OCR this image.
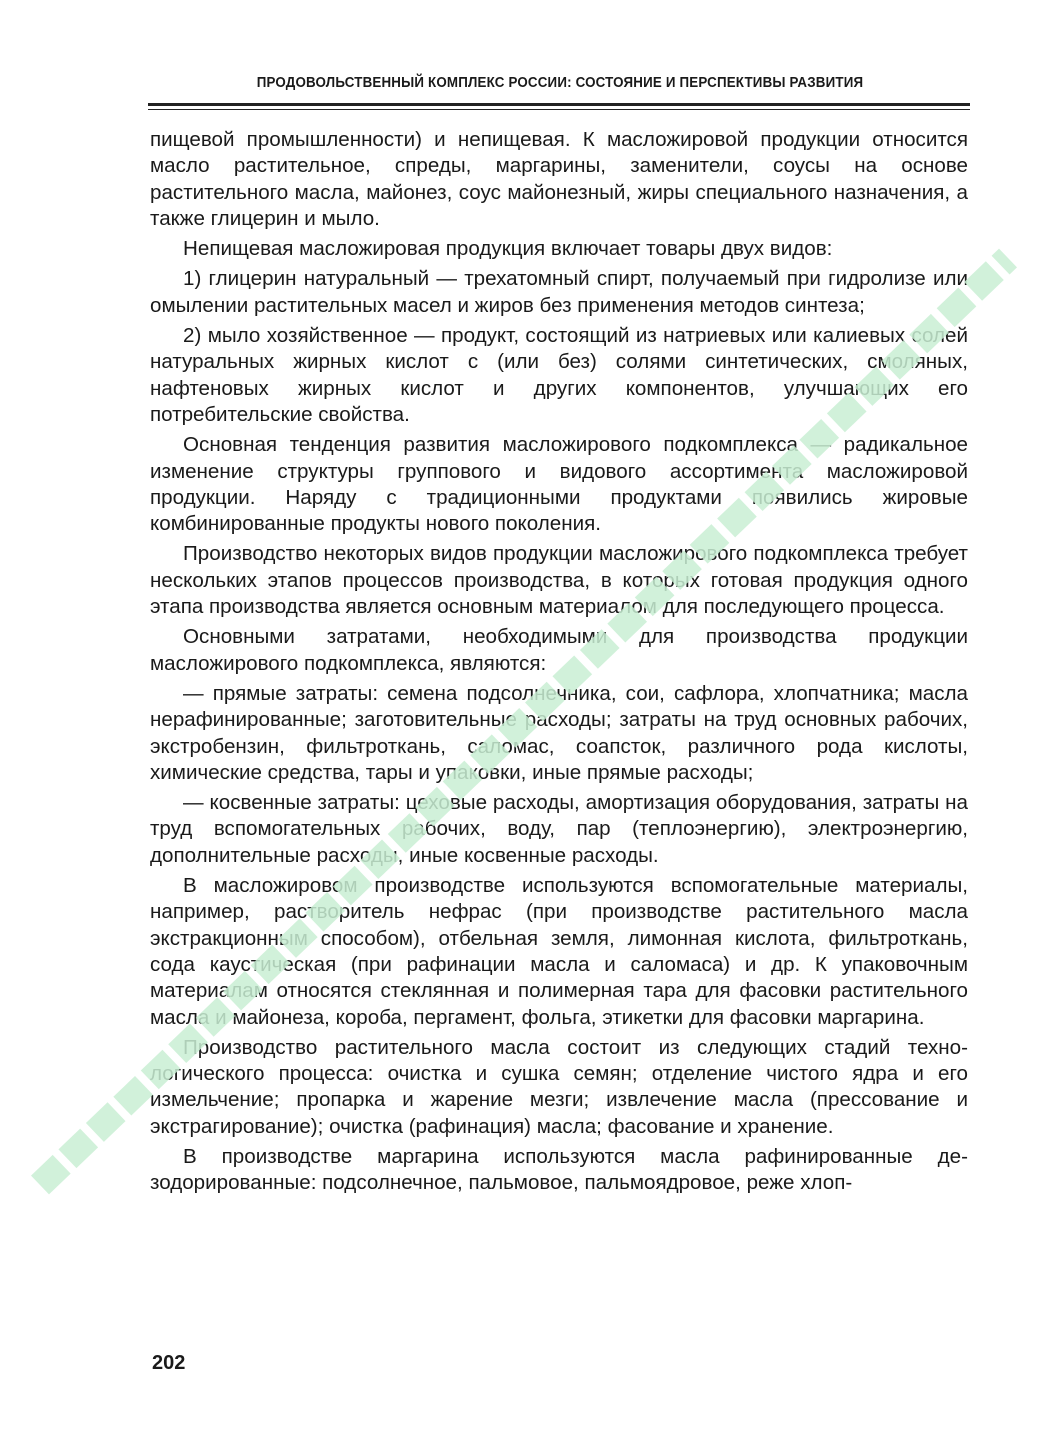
ПРОДОВОЛЬСТВЕННЫЙ КОМПЛЕКС РОССИИ: СОСТОЯНИЕ И ПЕРСПЕКТИВЫ РАЗВИТИЯ

пищевой промышленности) и непищевая. К масложировой продукции относится масло растительное, спреды, маргарины, заменители, соусы на основе растительного масла, майонез, соус майонезный, жиры специального назначения, а также глицерин и мыло.

Непищевая масложировая продукция включает товары двух видов:

1) глицерин натуральный — трехатомный спирт, получаемый при гидролизе или омылении растительных масел и жиров без применения методов синтеза;

2) мыло хозяйственное — продукт, состоящий из натриевых или калиевых солей натуральных жирных кислот с (или без) солями синтетических, смоляных, нафтеновых жирных кислот и других компонентов, улучшающих его потребительские свойства.

Основная тенденция развития масложирового подкомплекса — радикальное изменение структуры группового и видового ассортимента масложировой продукции. Наряду с традиционными продуктами появились жировые комбинированные продукты нового поколения.

Производство некоторых видов продукции масложирового подкомплекса требует нескольких этапов процессов производства, в которых готовая продукция одного этапа производства является основным материалом для последующего процесса.

Основными затратами, необходимыми для производства продукции масложирового подкомплекса, являются:

— прямые затраты: семена подсолнечника, сои, сафлора, хлопчатника; масла нерафинированные; заготовительные расходы; затраты на труд основных рабочих, экстробензин, фильтроткань, саломас, соапсток, различного рода кислоты, химические средства, тары и упаковки, иные прямые расходы;

— косвенные затраты: цеховые расходы, амортизация оборудования, затраты на труд вспомогательных рабочих, воду, пар (теплоэнергию), электроэнергию, дополнительные расходы, иные косвенные расходы.

В масложировом производстве используются вспомогательные материалы, например, растворитель нефрас (при производстве растительного масла экстракционным способом), отбельная земля, лимонная кислота, фильтроткань, сода каустическая (при рафинации масла и саломаса) и др. К упаковочным материалам относятся стеклянная и полимерная тара для фасовки растительного масла и майонеза, короба, пергамент, фольга, этикетки для фасовки маргарина.

Производство растительного масла состоит из следующих стадий технологического процесса: очистка и сушка семян; отделение чистого ядра и его измельчение; пропарка и жарение мезги; извлечение масла (прессование и экстрагирование); очистка (рафинация) масла; фасование и хранение.

В производстве маргарина используются масла рафинированные дезодорированные: подсолнечное, пальмовое, пальмоядровое, реже хлоп-

202
